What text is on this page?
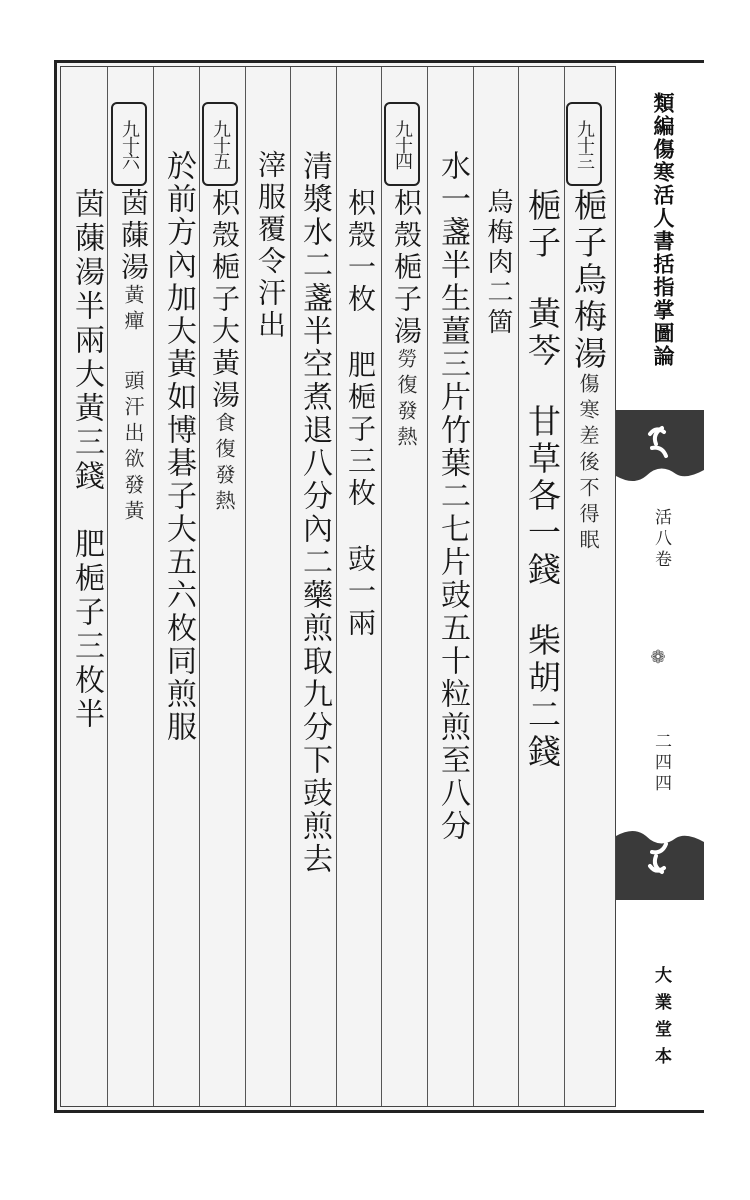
九十三
梔子烏梅湯傷寒差後不得眠
梔子黃芩甘草各一錢柴胡二錢
烏梅肉二箇
水一盞半生薑三片竹葉二七片豉五十粒煎至八分
九十四
枳殼梔子湯勞復發熱
枳殼一枚肥梔子三枚豉一兩
清漿水二盞半空煮退八分內二藥煎取九分下豉煎去
滓服覆令汗出
九十五
枳殼梔子大黃湯食復發熱
於前方內加大黃如博碁子大五六枚同煎服
九十六
茵蔯湯黃癉頭汗出欲發黃
茵蔯湯半兩大黃三錢肥梔子三枚半
類編傷寒活人書括指掌圖論
活八卷
❁
二四四
大業堂本
